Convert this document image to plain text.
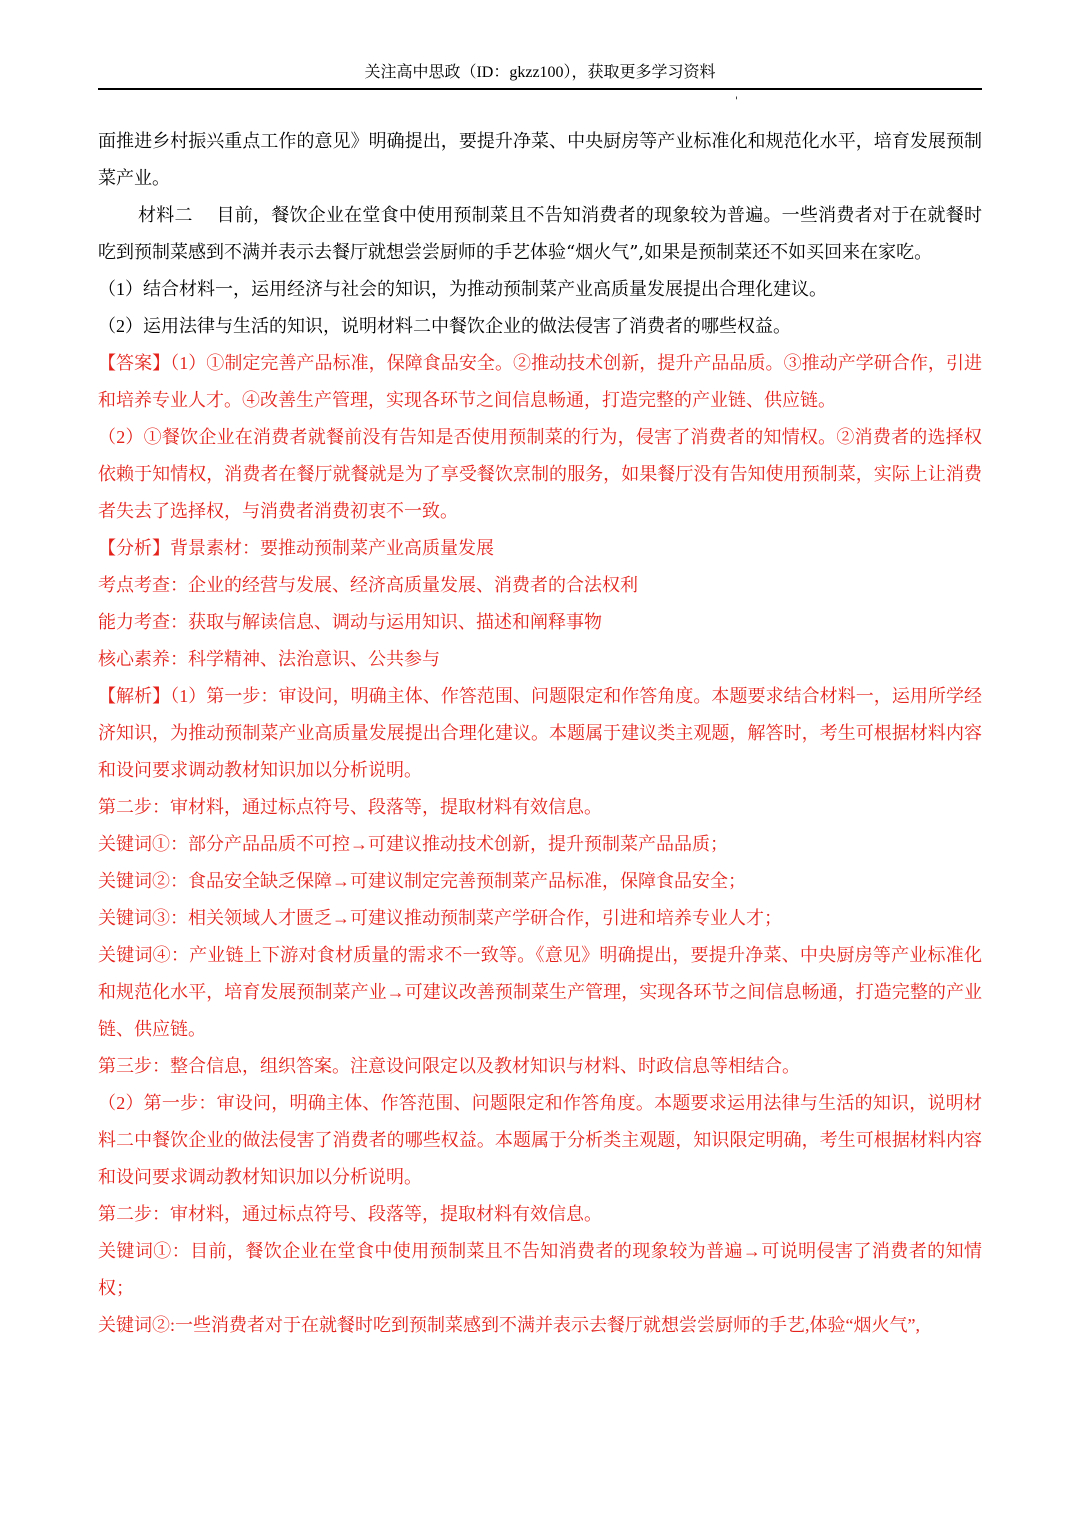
关注高中思政（ID：gkzz100），获取更多学习资料
'

面推进乡村振兴重点工作的意见》明确提出，要提升净菜、中央厨房等产业标准化和规范化水平，培育发展预制菜产业。

材料二 目前，餐饮企业在堂食中使用预制菜且不告知消费者的现象较为普遍。一些消费者对于在就餐时吃到预制菜感到不满并表示去餐厅就想尝尝厨师的手艺体验“烟火气”,如果是预制菜还不如买回来在家吃。

（1）结合材料一，运用经济与社会的知识，为推动预制菜产业高质量发展提出合理化建议。

（2）运用法律与生活的知识，说明材料二中餐饮企业的做法侵害了消费者的哪些权益。

【答案】（1）①制定完善产品标准，保障食品安全。②推动技术创新，提升产品品质。③推动产学研合作，引进和培养专业人才。④改善生产管理，实现各环节之间信息畅通，打造完整的产业链、供应链。

（2）①餐饮企业在消费者就餐前没有告知是否使用预制菜的行为，侵害了消费者的知情权。②消费者的选择权依赖于知情权，消费者在餐厅就餐就是为了享受餐饮烹制的服务，如果餐厅没有告知使用预制菜，实际上让消费者失去了选择权，与消费者消费初衷不一致。

【分析】背景素材：要推动预制菜产业高质量发展

考点考查：企业的经营与发展、经济高质量发展、消费者的合法权利

能力考查：获取与解读信息、调动与运用知识、描述和阐释事物

核心素养：科学精神、法治意识、公共参与

【解析】（1）第一步：审设问，明确主体、作答范围、问题限定和作答角度。本题要求结合材料一，运用所学经济知识，为推动预制菜产业高质量发展提出合理化建议。本题属于建议类主观题，解答时，考生可根据材料内容和设问要求调动教材知识加以分析说明。

第二步：审材料，通过标点符号、段落等，提取材料有效信息。

关键词①：部分产品品质不可控→可建议推动技术创新，提升预制菜产品品质；

关键词②：食品安全缺乏保障→可建议制定完善预制菜产品标准，保障食品安全；

关键词③：相关领域人才匮乏→可建议推动预制菜产学研合作，引进和培养专业人才；

关键词④：产业链上下游对食材质量的需求不一致等。《意见》明确提出，要提升净菜、中央厨房等产业标准化和规范化水平，培育发展预制菜产业→可建议改善预制菜生产管理，实现各环节之间信息畅通，打造完整的产业链、供应链。

第三步：整合信息，组织答案。注意设问限定以及教材知识与材料、时政信息等相结合。

（2）第一步：审设问，明确主体、作答范围、问题限定和作答角度。本题要求运用法律与生活的知识，说明材料二中餐饮企业的做法侵害了消费者的哪些权益。本题属于分析类主观题，知识限定明确，考生可根据材料内容和设问要求调动教材知识加以分析说明。

第二步：审材料，通过标点符号、段落等，提取材料有效信息。

关键词①：目前，餐饮企业在堂食中使用预制菜且不告知消费者的现象较为普遍→可说明侵害了消费者的知情权；

关键词②:一些消费者对于在就餐时吃到预制菜感到不满并表示去餐厅就想尝尝厨师的手艺,体验“烟火气”,
